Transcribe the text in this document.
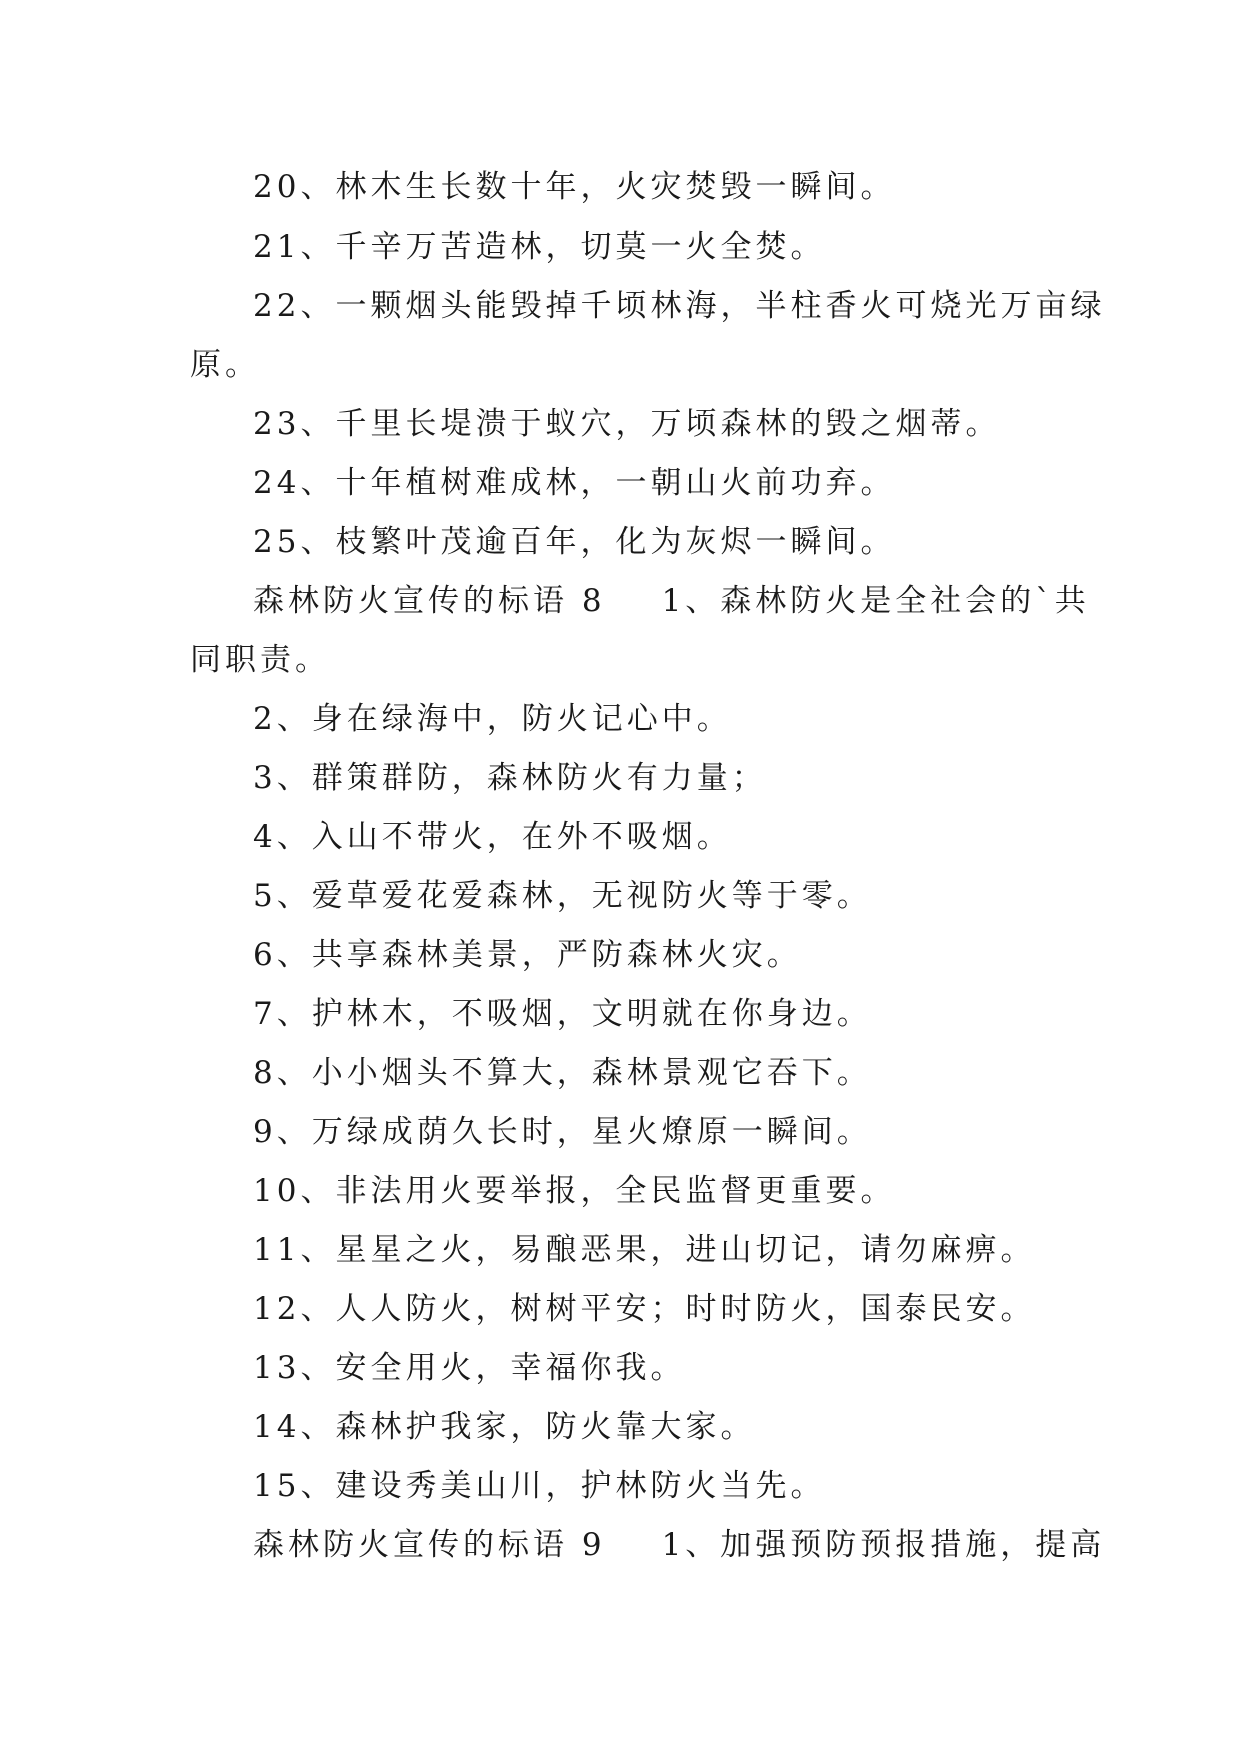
20、林木生长数十年，火灾焚毁一瞬间。
21、千辛万苦造林，切莫一火全焚。
22、一颗烟头能毁掉千顷林海，半柱香火可烧光万亩绿
原。
23、千里长堤溃于蚁穴，万顷森林的毁之烟蒂。
24、十年植树难成林，一朝山火前功弃。
25、枝繁叶茂逾百年，化为灰烬一瞬间。
森林防火宣传的标语 8 1、森林防火是全社会的`共
同职责。
2、身在绿海中，防火记心中。
3、群策群防，森林防火有力量；
4、入山不带火，在外不吸烟。
5、爱草爱花爱森林，无视防火等于零。
6、共享森林美景，严防森林火灾。
7、护林木，不吸烟，文明就在你身边。
8、小小烟头不算大，森林景观它吞下。
9、万绿成荫久长时，星火燎原一瞬间。
10、非法用火要举报，全民监督更重要。
11、星星之火，易酿恶果，进山切记，请勿麻痹。
12、人人防火，树树平安；时时防火，国泰民安。
13、安全用火，幸福你我。
14、森林护我家，防火靠大家。
15、建设秀美山川，护林防火当先。
森林防火宣传的标语 9 1、加强预防预报措施，提高
